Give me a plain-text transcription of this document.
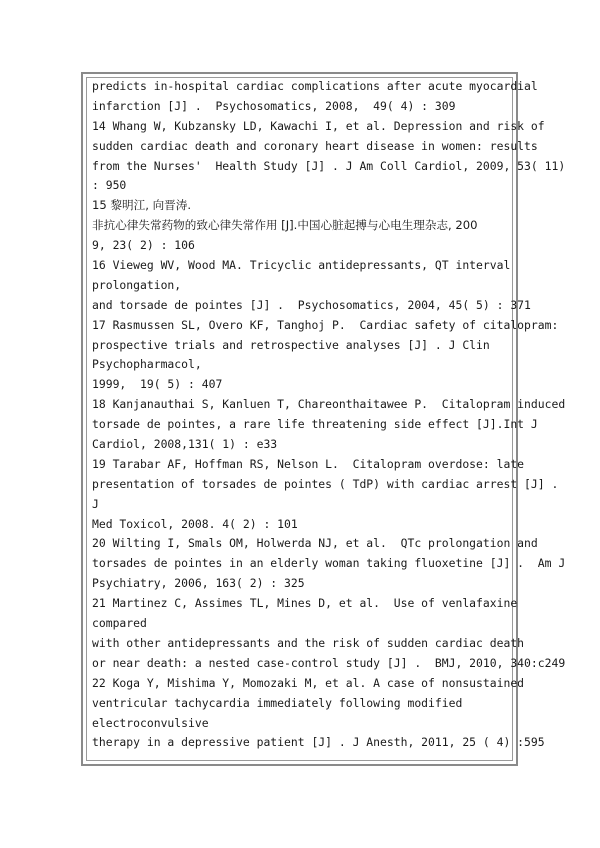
predicts in-hospital cardiac complications after acute myocardial
infarction [J] .  Psychosomatics, 2008,  49( 4) : 309
14 Whang W, Kubzansky LD, Kawachi I, et al. Depression and risk of
sudden cardiac death and coronary heart disease in women: results
from the Nurses'  Health Study [J] . J Am Coll Cardiol, 2009, 53( 11)
: 950
15 黎明江, 向晋涛.
非抗心律失常药物的致心律失常作用 [J].中国心脏起搏与心电生理杂志, 200
9, 23( 2) : 106
16 Vieweg WV, Wood MA. Tricyclic antidepressants, QT interval
prolongation,
and torsade de pointes [J] .  Psychosomatics, 2004, 45( 5) : 371
17 Rasmussen SL, Overo KF, Tanghoj P.  Cardiac safety of citalopram:
prospective trials and retrospective analyses [J] . J Clin
Psychopharmacol,
1999,  19( 5) : 407
18 Kanjanauthai S, Kanluen T, Chareonthaitawee P.  Citalopram induced
torsade de pointes, a rare life threatening side effect [J].Int J
Cardiol, 2008,131( 1) : e33
19 Tarabar AF, Hoffman RS, Nelson L.  Citalopram overdose: late
presentation of torsades de pointes ( TdP) with cardiac arrest [J] .
J
Med Toxicol, 2008. 4( 2) : 101
20 Wilting I, Smals OM, Holwerda NJ, et al.  QTc prolongation and
torsades de pointes in an elderly woman taking fluoxetine [J] .  Am J
Psychiatry, 2006, 163( 2) : 325
21 Martinez C, Assimes TL, Mines D, et al.  Use of venlafaxine
compared
with other antidepressants and the risk of sudden cardiac death
or near death: a nested case-control study [J] .  BMJ, 2010, 340:c249
22 Koga Y, Mishima Y, Momozaki M, et al. A case of nonsustained
ventricular tachycardia immediately following modified
electroconvulsive
therapy in a depressive patient [J] . J Anesth, 2011, 25 ( 4) :595
